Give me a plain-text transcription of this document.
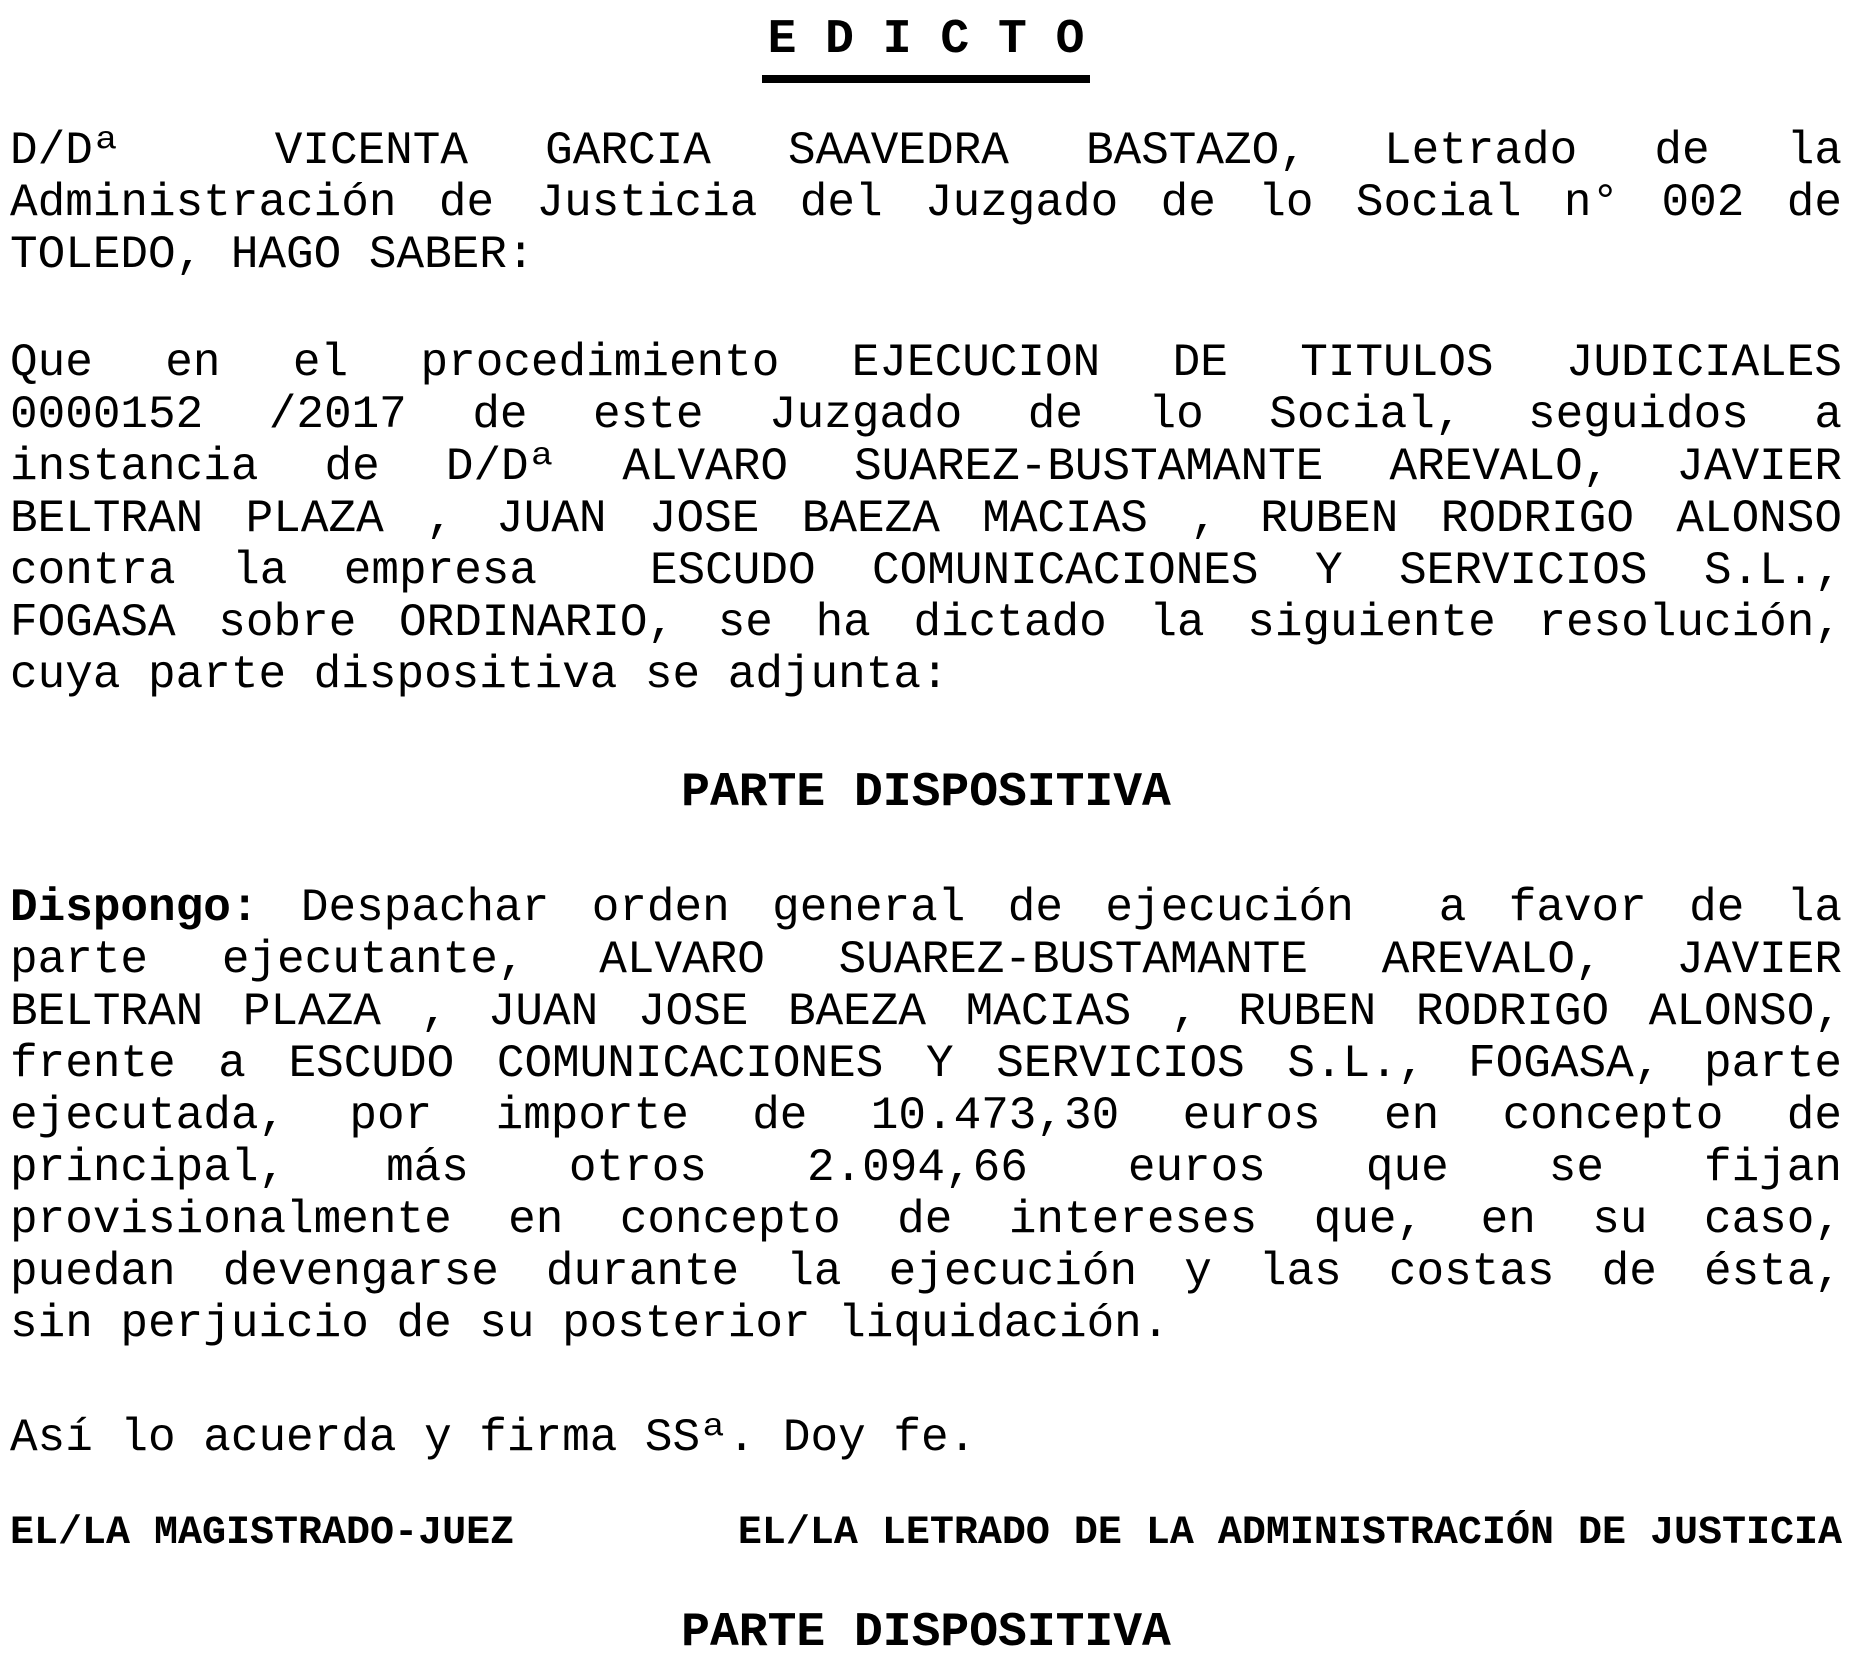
E D I C T O
D/Dª  VICENTA GARCIA SAAVEDRA BASTAZO, Letrado de la
Administración de Justicia del Juzgado de lo Social n° 002 de
TOLEDO, HAGO SABER:
Que en el procedimiento EJECUCION DE TITULOS JUDICIALES
0000152 /2017 de este Juzgado de lo Social, seguidos a
instancia de D/Dª ALVARO SUAREZ-BUSTAMANTE AREVALO, JAVIER
BELTRAN PLAZA , JUAN JOSE BAEZA MACIAS , RUBEN RODRIGO ALONSO
contra la empresa  ESCUDO COMUNICACIONES Y SERVICIOS S.L.,
FOGASA sobre ORDINARIO, se ha dictado la siguiente resolución,
cuya parte dispositiva se adjunta:
PARTE DISPOSITIVA
Dispongo: Despachar orden general de ejecución  a favor de la
parte ejecutante, ALVARO SUAREZ-BUSTAMANTE AREVALO, JAVIER
BELTRAN PLAZA , JUAN JOSE BAEZA MACIAS , RUBEN RODRIGO ALONSO,
frente a ESCUDO COMUNICACIONES Y SERVICIOS S.L., FOGASA, parte
ejecutada, por importe de 10.473,30 euros en concepto de
principal, más otros 2.094,66 euros que se fijan
provisionalmente en concepto de intereses que, en su caso,
puedan devengarse durante la ejecución y las costas de ésta,
sin perjuicio de su posterior liquidación.

Así lo acuerda y firma SSª. Doy fe.

EL/LA MAGISTRADO-JUEZ	EL/LA LETRADO DE LA ADMINISTRACIÓN DE JUSTICIA
PARTE DISPOSITIVA
